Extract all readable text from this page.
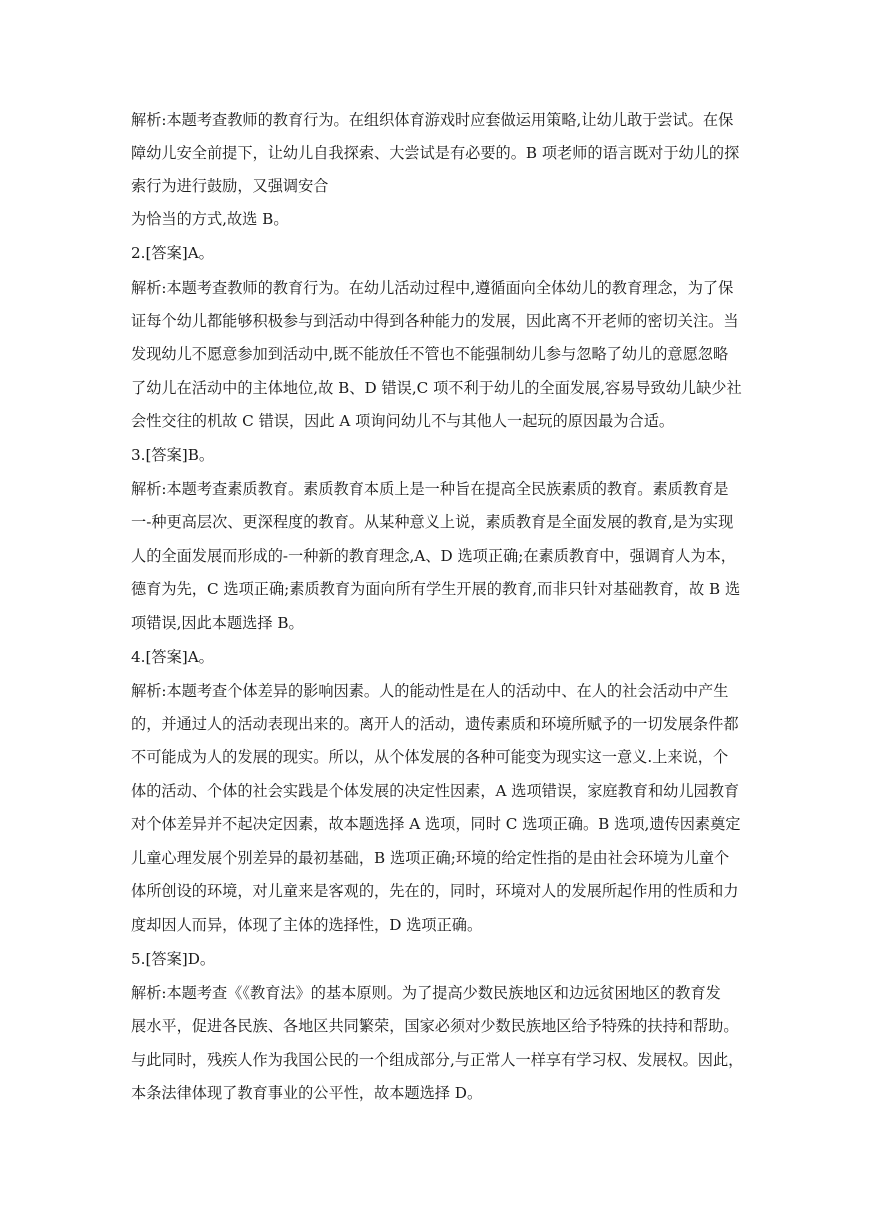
解析:本题考查教师的教育行为。在组织体育游戏时应套做运用策略,让幼儿敢于尝试。在保
障幼儿安全前提下，让幼儿自我探索、大尝试是有必要的。B 项老师的语言既对于幼儿的探
索行为进行鼓励，又强调安合
为恰当的方式,故选 B。
2.[答案]A。
解析:本题考查教师的教育行为。在幼儿活动过程中,遵循面向全体幼儿的教育理念，为了保
证每个幼儿都能够积极参与到活动中得到各种能力的发展，因此离不开老师的密切关注。当
发现幼儿不愿意参加到活动中,既不能放任不管也不能强制幼儿参与忽略了幼儿的意愿忽略
了幼儿在活动中的主体地位,故 B、D 错误,C 项不利于幼儿的全面发展,容易导致幼儿缺少社
会性交往的机故 C 错误，因此 A 项询问幼儿不与其他人一起玩的原因最为合适。
3.[答案]B。
解析:本题考查素质教育。素质教育本质上是一种旨在提高全民族素质的教育。素质教育是
一-种更高层次、更深程度的教育。从某种意义上说，素质教育是全面发展的教育,是为实现
人的全面发展而形成的-一种新的教育理念,A、D 选项正确;在素质教育中，强调育人为本，
德育为先，C 选项正确;素质教育为面向所有学生开展的教育,而非只针对基础教育，故 B 选
项错误,因此本题选择 B。
4.[答案]A。
解析:本题考查个体差异的影响因素。人的能动性是在人的活动中、在人的社会活动中产生
的，并通过人的活动表现出来的。离开人的活动，遗传素质和环境所赋予的一切发展条件都
不可能成为人的发展的现实。所以，从个体发展的各种可能变为现实这一意义.上来说，个
体的活动、个体的社会实践是个体发展的决定性因素，A 选项错误，家庭教育和幼儿园教育
对个体差异并不起决定因素，故本题选择 A 选项，同时 C 选项正确。B 选项,遗传因素奠定
儿童心理发展个别差异的最初基础，B 选项正确;环境的给定性指的是由社会环境为儿童个
体所创设的环境，对儿童来是客观的，先在的，同时，环境对人的发展所起作用的性质和力
度却因人而异，体现了主体的选择性，D 选项正确。
5.[答案]D。
解析:本题考查《《教育法》的基本原则。为了提高少数民族地区和边远贫困地区的教育发
展水平，促进各民族、各地区共同繁荣，国家必须对少数民族地区给予特殊的扶持和帮助。
与此同时，残疾人作为我国公民的一个组成部分,与正常人一样享有学习权、发展权。因此，
本条法律体现了教育事业的公平性，故本题选择 D。
